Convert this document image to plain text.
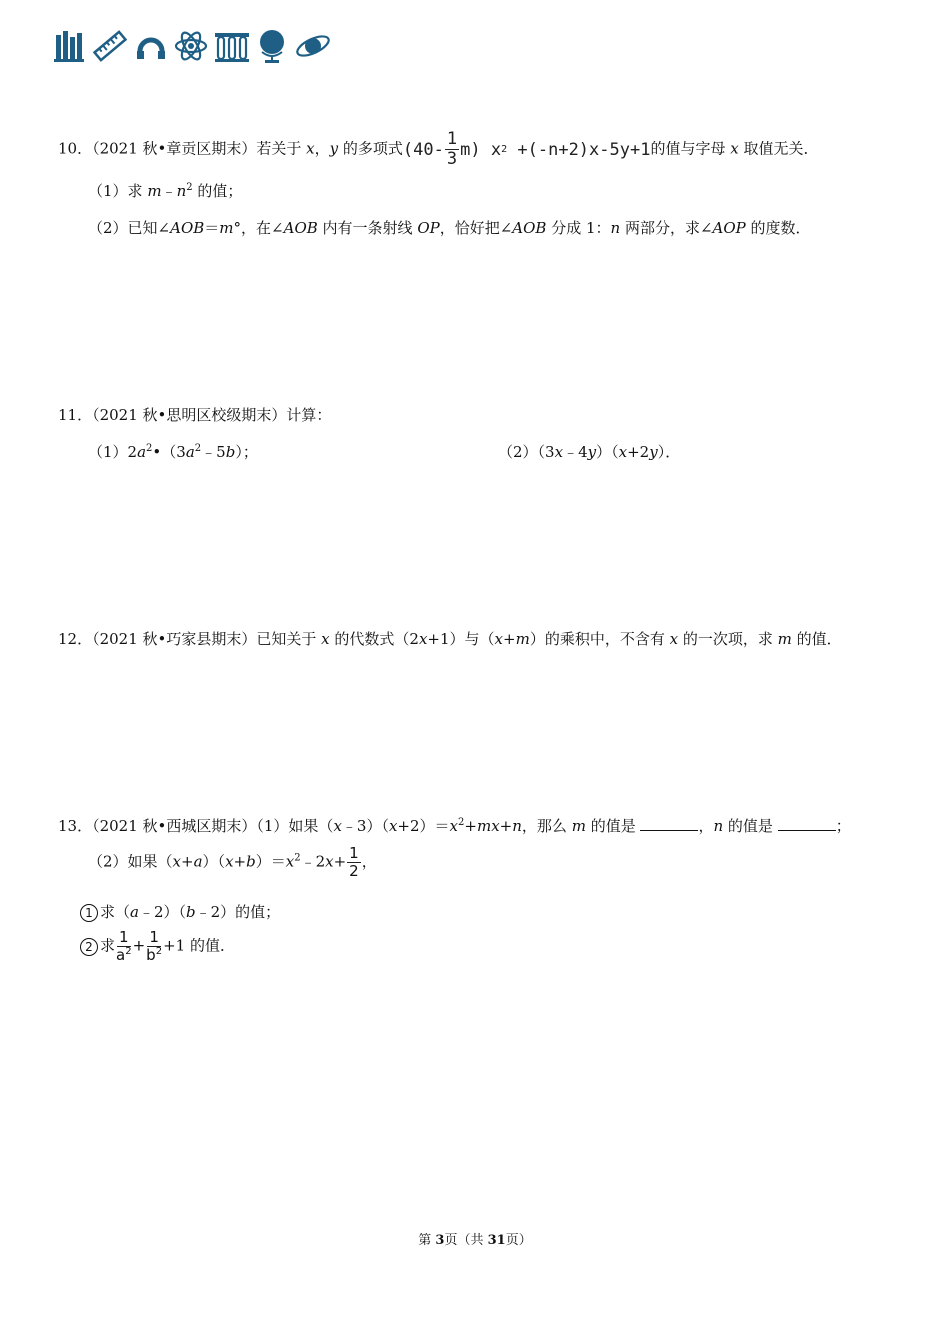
10．（2021 秋•章贡区期末）若关于 x，y 的多项式 $(40- \frac{1}{3} m)$
x 2
+(-n+2)x-5y+1 的值与字母 x 取值无关．
（1）求 $m﹣n^2$ 的值；
（2）已知∠AOB＝m°，在∠AOB 内有一条射线 OP，恰好把∠AOB 分成 1：n 两部分，求∠AOP 的度数．
11．（2021 秋•思明区校级期末）计算：
$(1)2a^2•(3a^2﹣5b)$；	（2）（3x﹣4y）（x+2y）．
12．（2021 秋•巧家县期末）已知关于 x 的代数式（2x+1）与（x+m）的乘积中，不含有 x 的一次项，求 m 的值．
13．（2021 秋•西城区期末）（1）如果$(x﹣3)(x+2)=x^2+mx+n$，那么 m 的值是	，n 的值是	；
（2）如果$(x+a)(x+b)=x^2﹣2x+ \frac{1}{2}$ ，
1 求（a﹣2）（b﹣2）的值；
2 求 $\frac{1}{a^2} + \frac{1}{b^2} +1$ 的值．
第 3页（共 31页）
